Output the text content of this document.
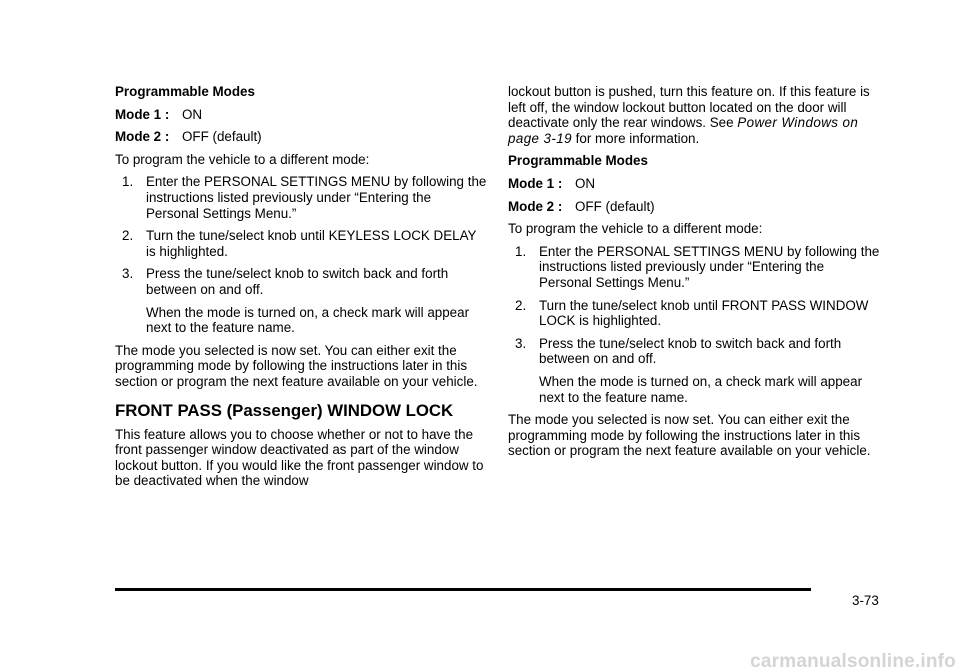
Programmable Modes

Mode 1 : ON

Mode 2 : OFF (default)

To program the vehicle to a different mode:

1. Enter the PERSONAL SETTINGS MENU by following the instructions listed previously under “Entering the Personal Settings Menu.”
2. Turn the tune/select knob until KEYLESS LOCK DELAY is highlighted.
3. Press the tune/select knob to switch back and forth between on and off.

When the mode is turned on, a check mark will appear next to the feature name.

The mode you selected is now set. You can either exit the programming mode by following the instructions later in this section or program the next feature available on your vehicle.

FRONT PASS (Passenger) WINDOW LOCK

This feature allows you to choose whether or not to have the front passenger window deactivated as part of the window lockout button. If you would like the front passenger window to be deactivated when the window

lockout button is pushed, turn this feature on. If this feature is left off, the window lockout button located on the door will deactivate only the rear windows. See Power Windows on page 3-19 for more information.

Programmable Modes

Mode 1 : ON

Mode 2 : OFF (default)

To program the vehicle to a different mode:

1. Enter the PERSONAL SETTINGS MENU by following the instructions listed previously under “Entering the Personal Settings Menu.”
2. Turn the tune/select knob until FRONT PASS WINDOW LOCK is highlighted.
3. Press the tune/select knob to switch back and forth between on and off.

When the mode is turned on, a check mark will appear next to the feature name.

The mode you selected is now set. You can either exit the programming mode by following the instructions later in this section or program the next feature available on your vehicle.

3-73
carmanualsonline.info
